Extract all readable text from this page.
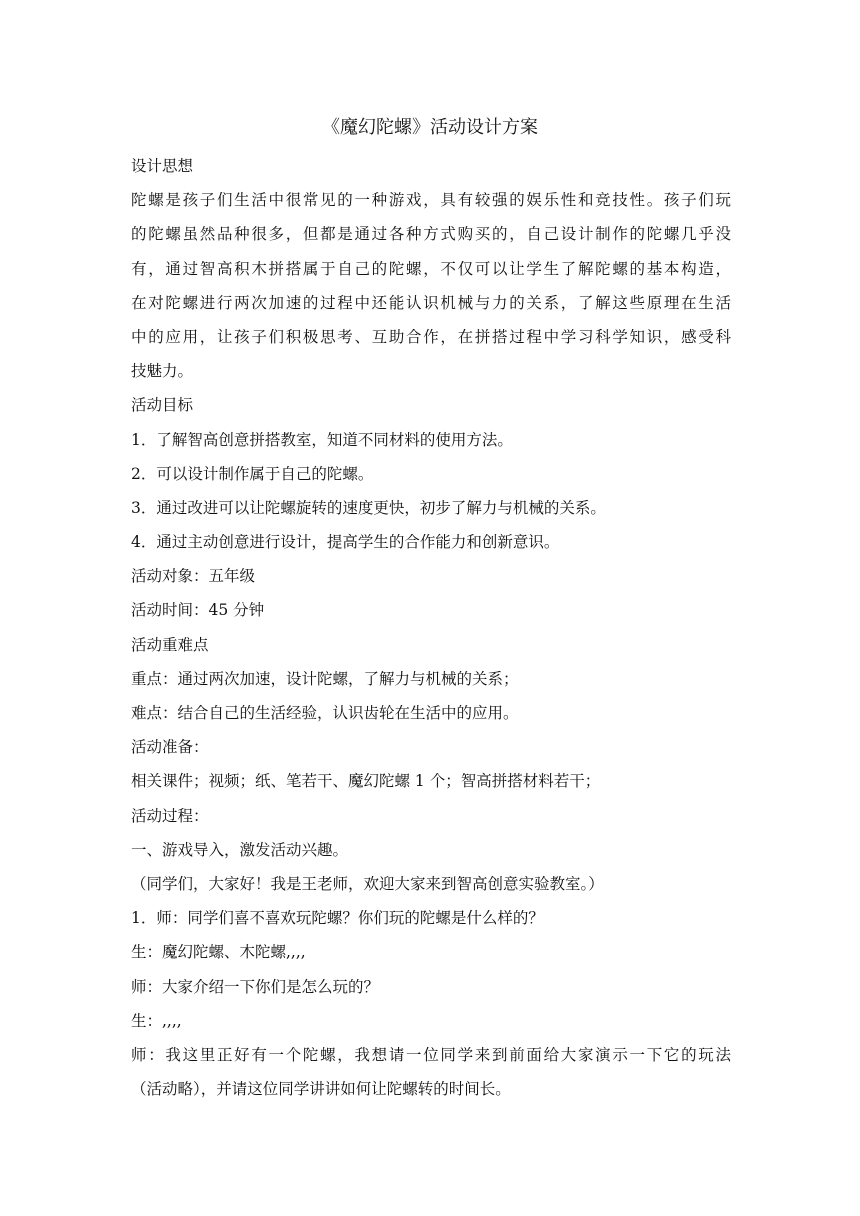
《魔幻陀螺》活动设计方案
设计思想
陀螺是孩子们生活中很常见的一种游戏，具有较强的娱乐性和竞技性。孩子们玩
的陀螺虽然品种很多，但都是通过各种方式购买的，自己设计制作的陀螺几乎没
有，通过智高积木拼搭属于自己的陀螺，不仅可以让学生了解陀螺的基本构造，
在对陀螺进行两次加速的过程中还能认识机械与力的关系，了解这些原理在生活
中的应用，让孩子们积极思考、互助合作，在拼搭过程中学习科学知识，感受科
技魅力。
活动目标
1．了解智高创意拼搭教室，知道不同材料的使用方法。
2．可以设计制作属于自己的陀螺。
3．通过改进可以让陀螺旋转的速度更快，初步了解力与机械的关系。
4．通过主动创意进行设计，提高学生的合作能力和创新意识。
活动对象：五年级
活动时间：45 分钟
活动重难点
重点：通过两次加速，设计陀螺，了解力与机械的关系；
难点：结合自己的生活经验，认识齿轮在生活中的应用。
活动准备：
相关课件；视频；纸、笔若干、魔幻陀螺 1 个；智高拼搭材料若干；
活动过程：
一、游戏导入，激发活动兴趣。
（同学们，大家好！我是王老师，欢迎大家来到智高创意实验教室。）
1．师：同学们喜不喜欢玩陀螺？你们玩的陀螺是什么样的？
生：魔幻陀螺、木陀螺,,,,
师：大家介绍一下你们是怎么玩的？
生：,,,,
师：我这里正好有一个陀螺，我想请一位同学来到前面给大家演示一下它的玩法
（活动略），并请这位同学讲讲如何让陀螺转的时间长。
